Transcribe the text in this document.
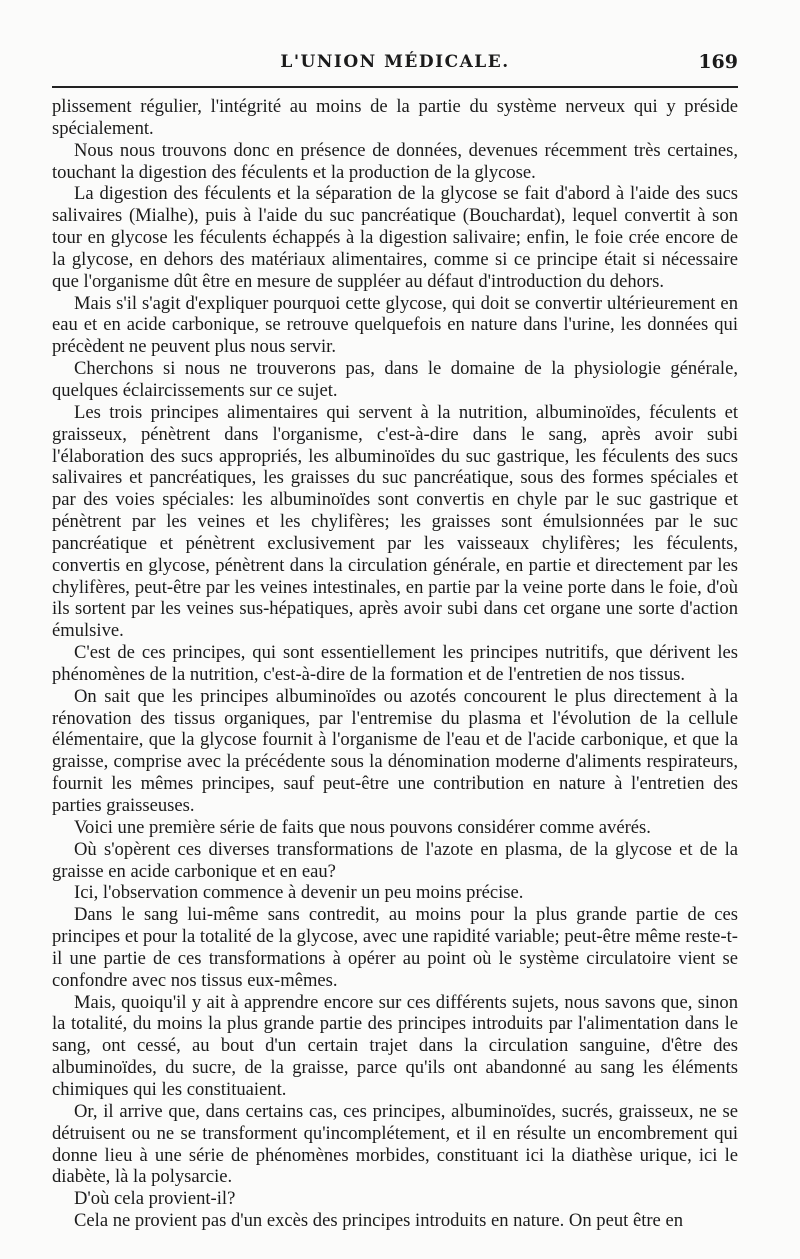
L'UNION MÉDICALE.	169

plissement régulier, l'intégrité au moins de la partie du système nerveux qui y préside spécialement.

Nous nous trouvons donc en présence de données, devenues récemment très certaines, touchant la digestion des féculents et la production de la glycose.

La digestion des féculents et la séparation de la glycose se fait d'abord à l'aide des sucs salivaires (Mialhe), puis à l'aide du suc pancréatique (Bouchardat), lequel convertit à son tour en glycose les féculents échappés à la digestion salivaire; enfin, le foie crée encore de la glycose, en dehors des matériaux alimentaires, comme si ce principe était si nécessaire que l'organisme dût être en mesure de suppléer au défaut d'introduction du dehors.

Mais s'il s'agit d'expliquer pourquoi cette glycose, qui doit se convertir ultérieurement en eau et en acide carbonique, se retrouve quelquefois en nature dans l'urine, les données qui précèdent ne peuvent plus nous servir.

Cherchons si nous ne trouverons pas, dans le domaine de la physiologie générale, quelques éclaircissements sur ce sujet.

Les trois principes alimentaires qui servent à la nutrition, albuminoïdes, féculents et graisseux, pénètrent dans l'organisme, c'est-à-dire dans le sang, après avoir subi l'élaboration des sucs appropriés, les albuminoïdes du suc gastrique, les féculents des sucs salivaires et pancréatiques, les graisses du suc pancréatique, sous des formes spéciales et par des voies spéciales: les albuminoïdes sont convertis en chyle par le suc gastrique et pénètrent par les veines et les chylifères; les graisses sont émulsionnées par le suc pancréatique et pénètrent exclusivement par les vaisseaux chylifères; les féculents, convertis en glycose, pénètrent dans la circulation générale, en partie et directement par les chylifères, peut-être par les veines intestinales, en partie par la veine porte dans le foie, d'où ils sortent par les veines sus-hépatiques, après avoir subi dans cet organe une sorte d'action émulsive.

C'est de ces principes, qui sont essentiellement les principes nutritifs, que dérivent les phénomènes de la nutrition, c'est-à-dire de la formation et de l'entretien de nos tissus.

On sait que les principes albuminoïdes ou azotés concourent le plus directement à la rénovation des tissus organiques, par l'entremise du plasma et l'évolution de la cellule élémentaire, que la glycose fournit à l'organisme de l'eau et de l'acide carbonique, et que la graisse, comprise avec la précédente sous la dénomination moderne d'aliments respirateurs, fournit les mêmes principes, sauf peut-être une contribution en nature à l'entretien des parties graisseuses.

Voici une première série de faits que nous pouvons considérer comme avérés.

Où s'opèrent ces diverses transformations de l'azote en plasma, de la glycose et de la graisse en acide carbonique et en eau?

Ici, l'observation commence à devenir un peu moins précise.

Dans le sang lui-même sans contredit, au moins pour la plus grande partie de ces principes et pour la totalité de la glycose, avec une rapidité variable; peut-être même reste-t-il une partie de ces transformations à opérer au point où le système circulatoire vient se confondre avec nos tissus eux-mêmes.

Mais, quoiqu'il y ait à apprendre encore sur ces différents sujets, nous savons que, sinon la totalité, du moins la plus grande partie des principes introduits par l'alimentation dans le sang, ont cessé, au bout d'un certain trajet dans la circulation sanguine, d'être des albuminoïdes, du sucre, de la graisse, parce qu'ils ont abandonné au sang les éléments chimiques qui les constituaient.

Or, il arrive que, dans certains cas, ces principes, albuminoïdes, sucrés, graisseux, ne se détruisent ou ne se transforment qu'incomplétement, et il en résulte un encombrement qui donne lieu à une série de phénomènes morbides, constituant ici la diathèse urique, ici le diabète, là la polysarcie.

D'où cela provient-il?

Cela ne provient pas d'un excès des principes introduits en nature. On peut être en
